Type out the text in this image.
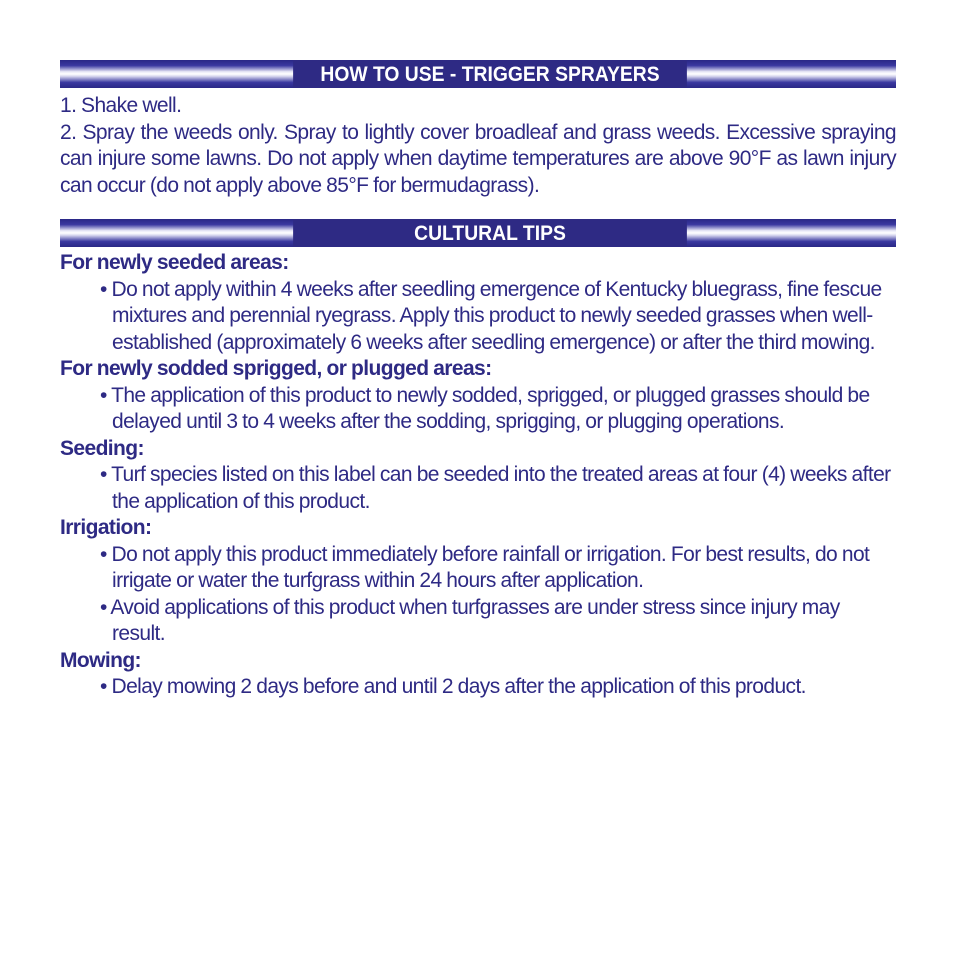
HOW TO USE - TRIGGER SPRAYERS

1. Shake well.

2. Spray the weeds only. Spray to lightly cover broadleaf and grass weeds. Excessive spraying can injure some lawns. Do not apply when daytime temperatures are above 90°F as lawn injury can occur (do not apply above 85°F for bermudagrass).

CULTURAL TIPS

For newly seeded areas:

• Do not apply within 4 weeks after seedling emergence of Kentucky bluegrass, fine fescue mixtures and perennial ryegrass. Apply this product to newly seeded grasses when well-established (approximately 6 weeks after seedling emergence) or after the third mowing.

For newly sodded sprigged, or plugged areas:

• The application of this product to newly sodded, sprigged, or plugged grasses should be delayed until 3 to 4 weeks after the sodding, sprigging, or plugging operations.

Seeding:

• Turf species listed on this label can be seeded into the treated areas at four (4) weeks after the application of this product.

Irrigation:

• Do not apply this product immediately before rainfall or irrigation. For best results, do not irrigate or water the turfgrass within 24 hours after application.

• Avoid applications of this product when turfgrasses are under stress since injury may result.

Mowing:

• Delay mowing 2 days before and until 2 days after the application of this product.
